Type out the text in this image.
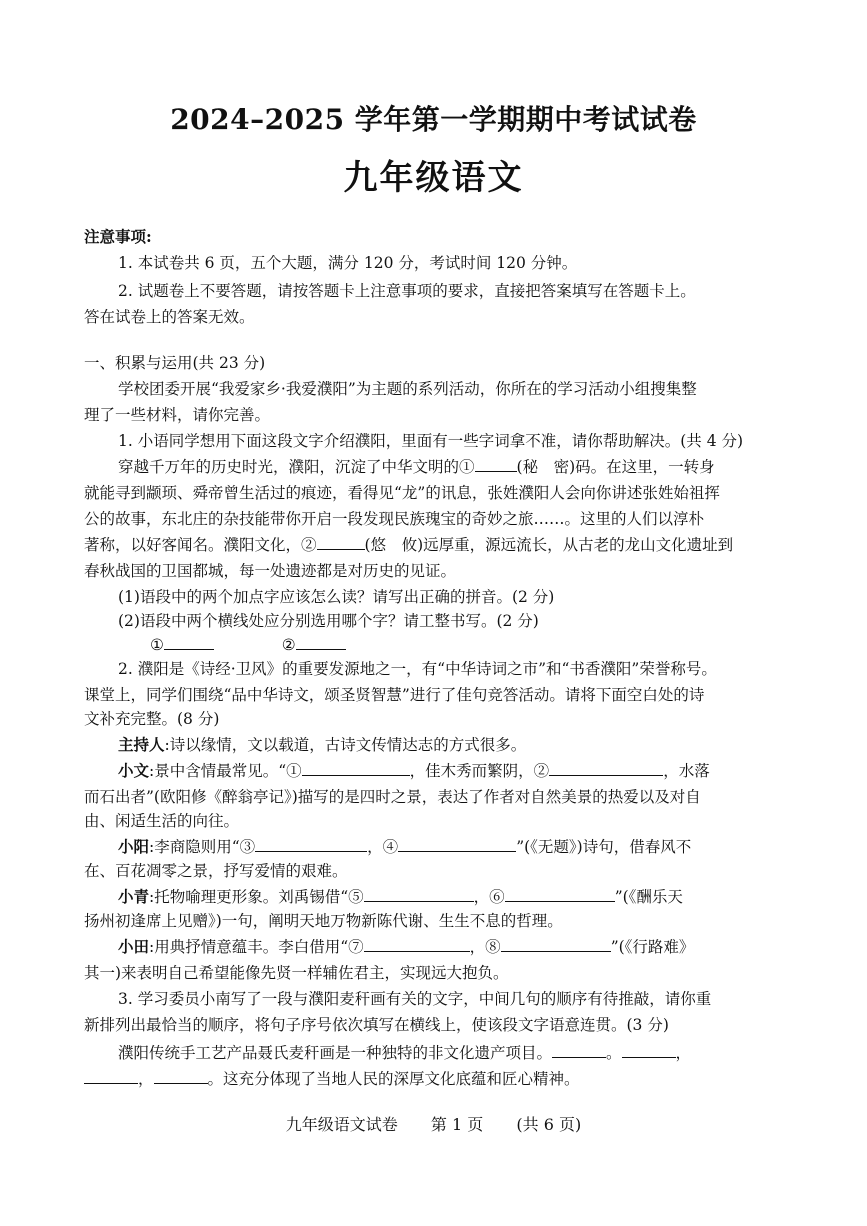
2024–2025 学年第一学期期中考试试卷
九年级语文
注意事项:
1. 本试卷共 6 页，五个大题，满分 120 分，考试时间 120 分钟。
2. 试题卷上不要答题，请按答题卡上注意事项的要求，直接把答案填写在答题卡上。
答在试卷上的答案无效。
一、积累与运用(共 23 分)
学校团委开展“我爱家乡·我爱濮阳”为主题的系列活动，你所在的学习活动小组搜集整
理了一些材料，请你完善。
1. 小语同学想用下面这段文字介绍濮阳，里面有一些字词拿不准，请你帮助解决。(共 4 分)
穿越千万年的历史时光，濮阳，沉淀了中华文明的①	(秘　密)码。在这里，一转身
就能寻到颛顼、舜帝曾生活过的痕迹，看得见“龙”的讯息，张姓濮阳人会向你讲述张姓始祖挥
公的故事，东北庄的杂技能带你开启一段发现民族瑰宝的奇妙之旅……。这里的人们以淳朴
著称，以好客闻名。濮阳文化，②	(悠　攸)远厚重，源远流长，从古老的龙山文化遗址到
春秋战国的卫国都城，每一处遗迹都是对历史的见证。
(1)语段中的两个加点字应该怎么读？请写出正确的拼音。(2 分)
(2)语段中两个横线处应分别选用哪个字？请工整书写。(2 分)
①	②
2. 濮阳是《诗经·卫风》的重要发源地之一，有“中华诗词之市”和“书香濮阳”荣誉称号。
课堂上，同学们围绕“品中华诗文，颂圣贤智慧”进行了佳句竞答活动。请将下面空白处的诗
文补充完整。(8 分)
主持人:诗以缘情，文以载道，古诗文传情达志的方式很多。
小文:景中含情最常见。“①	，佳木秀而繁阴，②	，水落
而石出者”(欧阳修《醉翁亭记》)描写的是四时之景，表达了作者对自然美景的热爱以及对自
由、闲适生活的向往。
小阳:李商隐则用“③	，④	”(《无题》)诗句，借春风不
在、百花凋零之景，抒写爱情的艰难。
小青:托物喻理更形象。刘禹锡借“⑤	，⑥	”(《酬乐天
扬州初逢席上见赠》)一句，阐明天地万物新陈代谢、生生不息的哲理。
小田:用典抒情意蕴丰。李白借用“⑦	，⑧	”(《行路难》
其一)来表明自己希望能像先贤一样辅佐君主，实现远大抱负。
3. 学习委员小南写了一段与濮阳麦秆画有关的文字，中间几句的顺序有待推敲，请你重
新排列出最恰当的顺序，将句子序号依次填写在横线上，使该段文字语意连贯。(3 分)
濮阳传统手工艺产品聂氏麦秆画是一种独特的非文化遗产项目。	。	，
，	。这充分体现了当地人民的深厚文化底蕴和匠心精神。
九年级语文试卷 第 1 页 (共 6 页)
